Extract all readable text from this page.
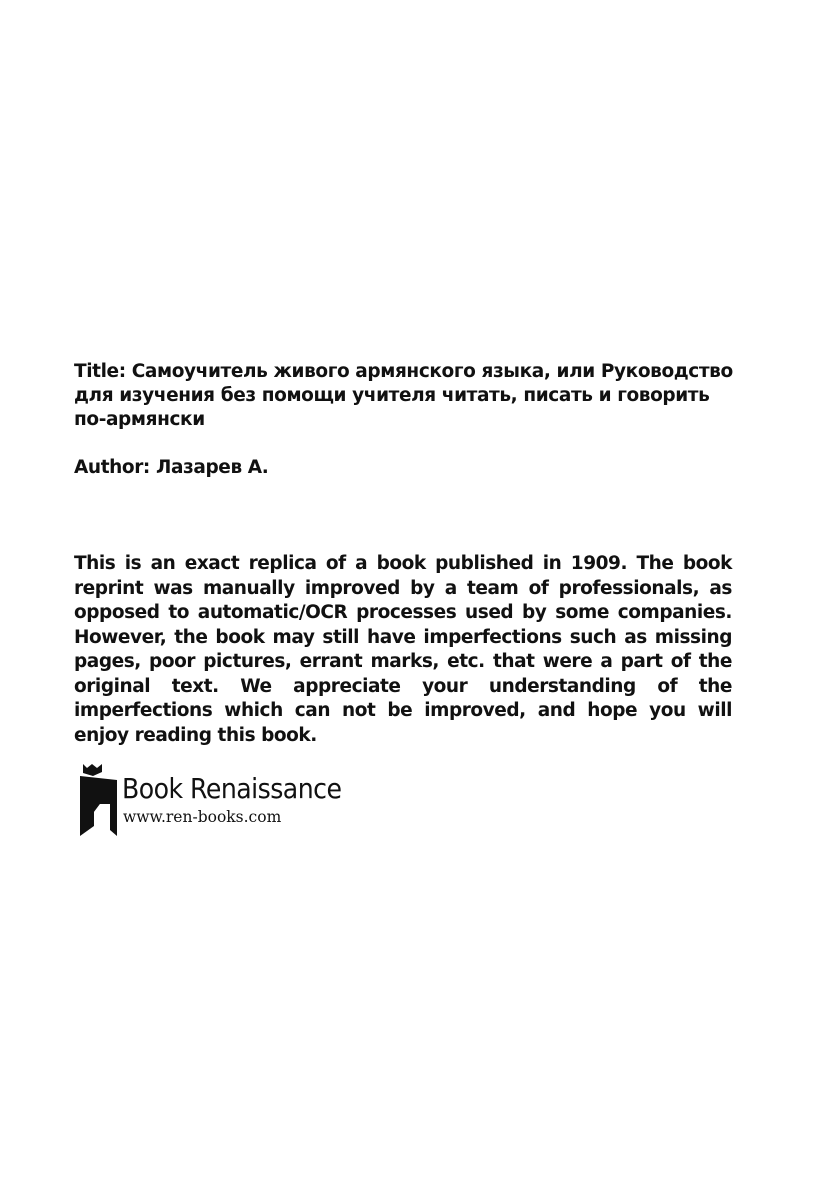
Title: Самоучитель живого армянского языка, или Руководство для изучения без помощи учителя читать, писать и говорить по-армянски
Author: Лазарев А.
This is an exact replica of a book published in 1909. The book reprint was manually improved by a team of professionals, as opposed to automatic/OCR processes used by some companies. However, the book may still have imperfections such as missing pages, poor pictures, errant marks, etc. that were a part of the original text. We appreciate your understanding of the imperfections which can not be improved, and hope you will enjoy reading this book.
Book Renaissance
www.ren-books.com
